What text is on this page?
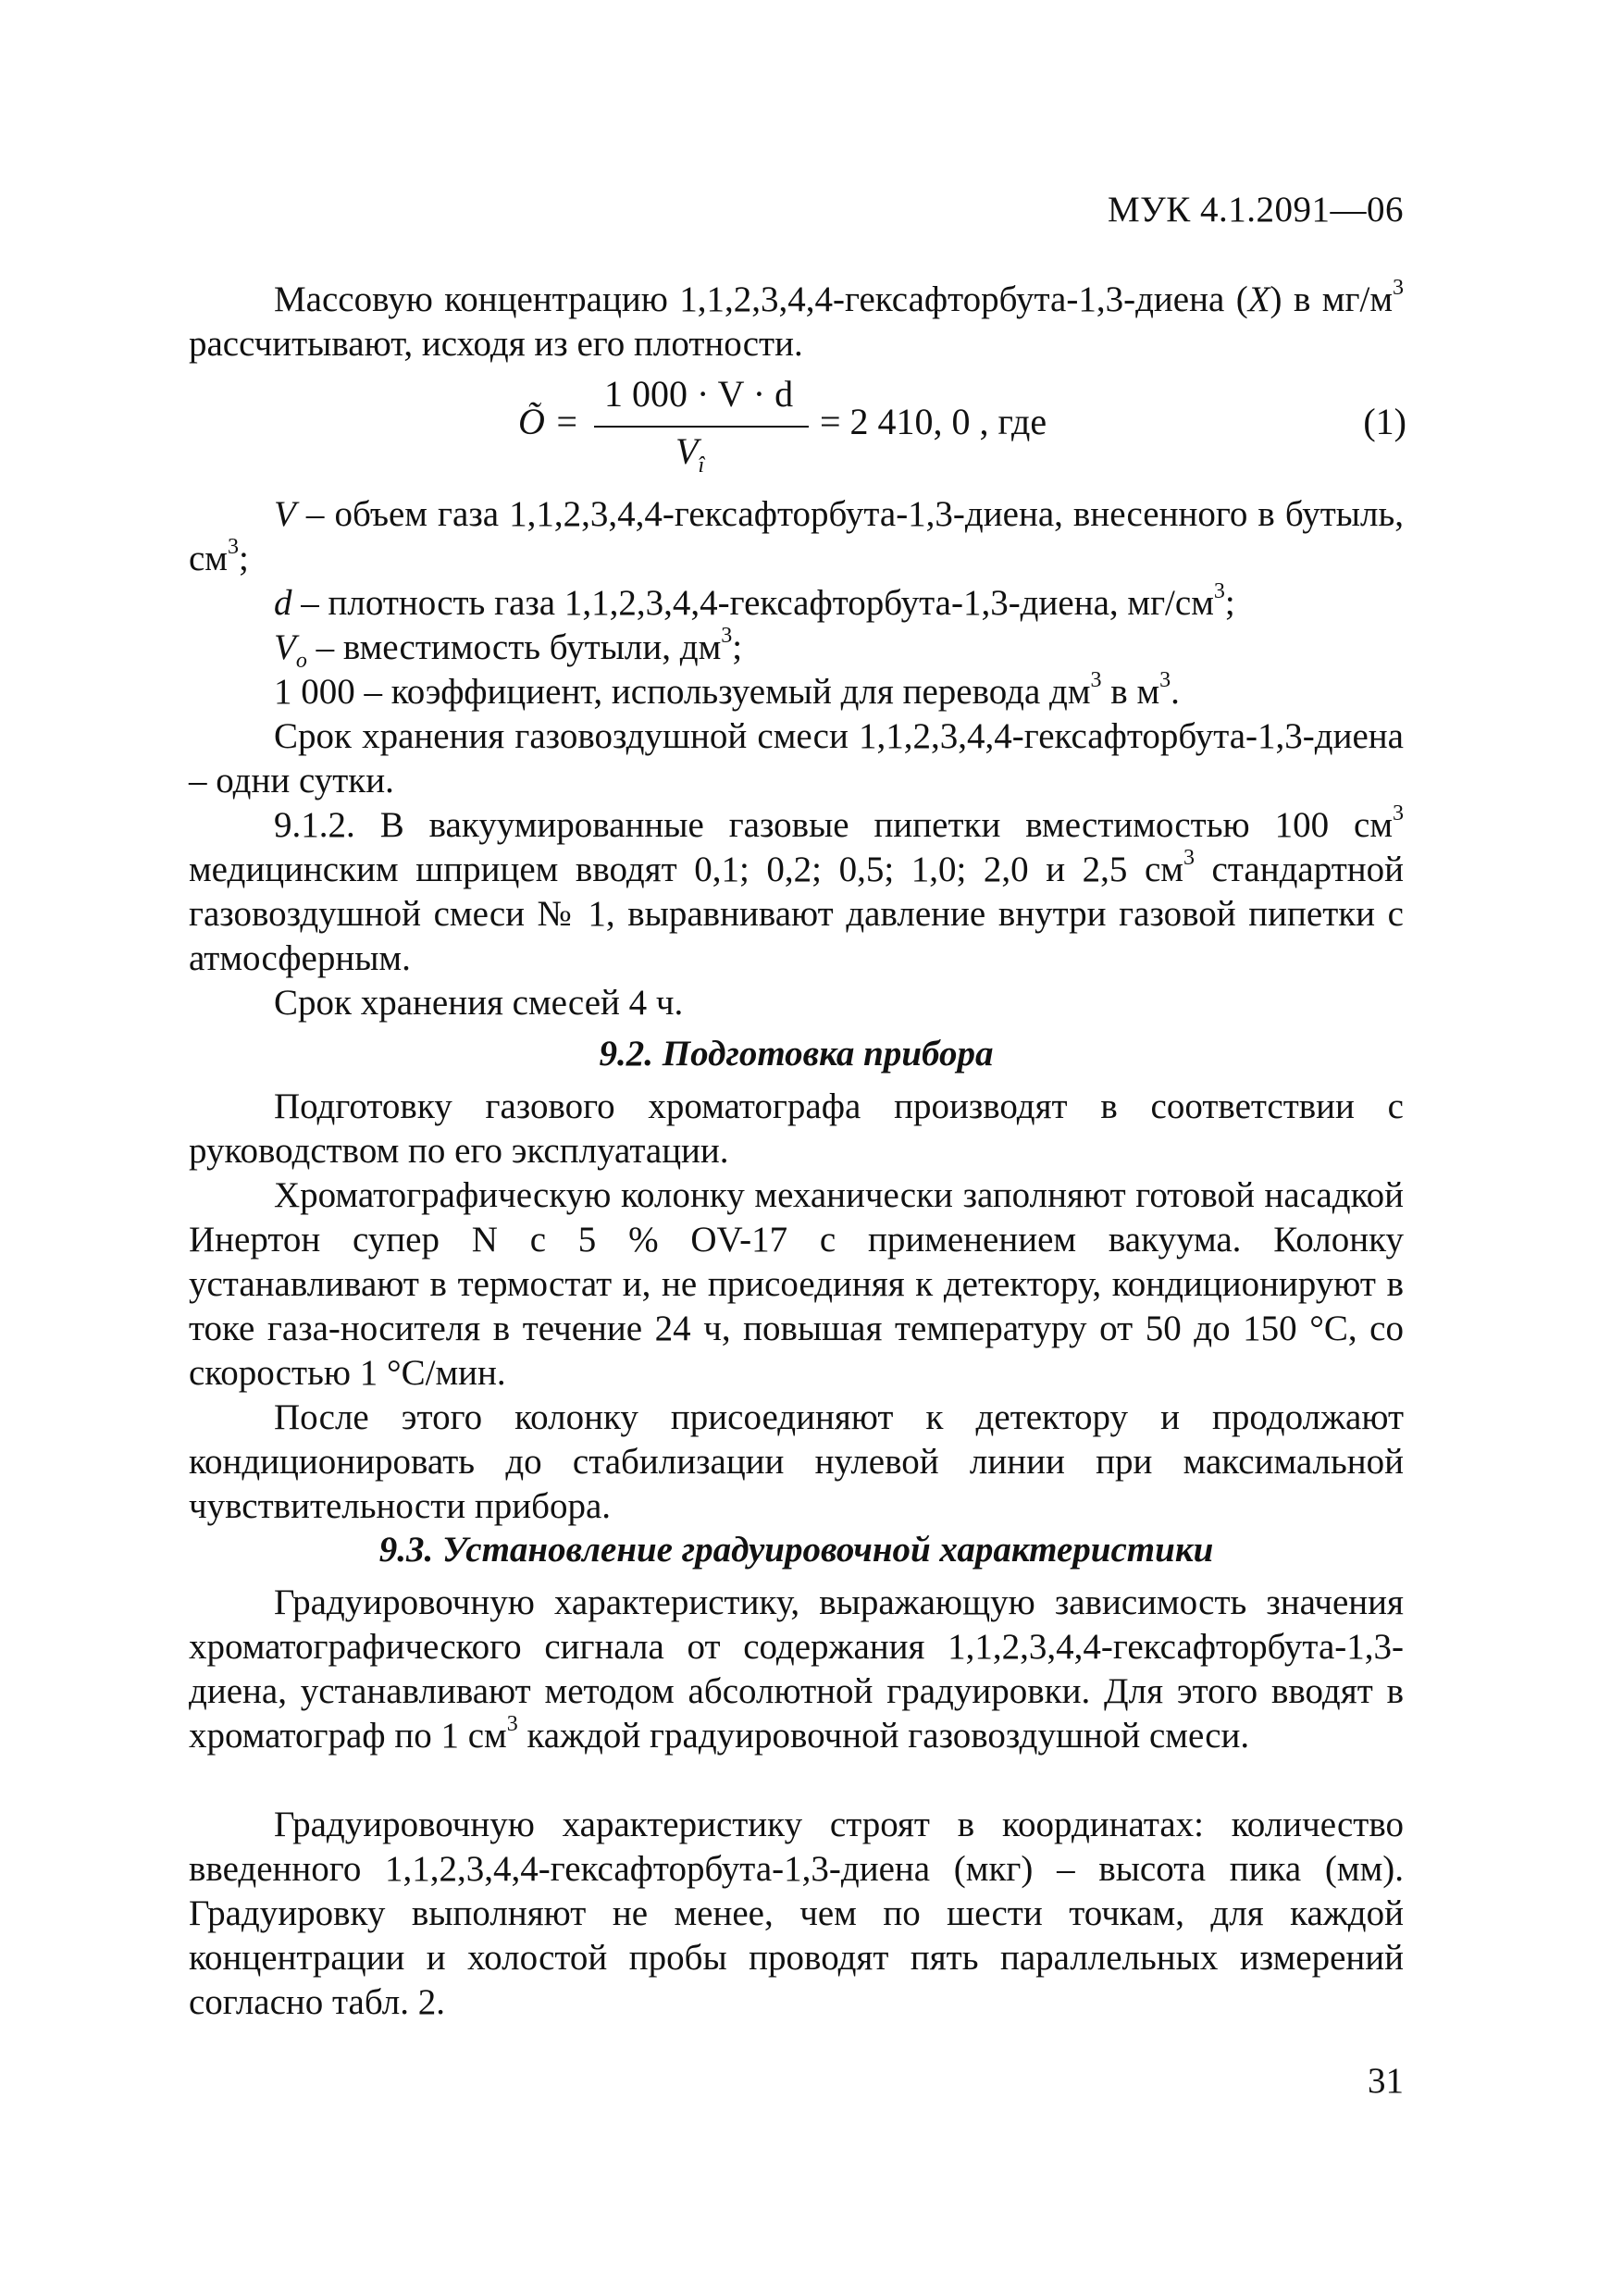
МУК 4.1.2091—06
Массовую концентрацию 1,1,2,3,4,4-гексафторбута-1,3-диена (X) в $мг/м^3$ рассчитывают, исходя из его плотности.
Õ =
1 000 · V · d
$V_î$
= 2 410, 0 , где	(1)
V – объем газа 1,1,2,3,4,4-гексафторбута-1,3-диена, внесенного в бутыль, $см^3$;
d – плотность газа 1,1,2,3,4,4-гексафторбута-1,3-диена, $мг/см^3$;
$V_o$ – вместимость бутыли, $дм^3$;
1 000 – коэффициент, используемый для перевода $дм^3$ в $м^3$.
Срок хранения газовоздушной смеси 1,1,2,3,4,4-гексафторбута-1,3-диена – одни сутки.
9.1.2. В вакуумированные газовые пипетки вместимостью 100 $см^3$ медицинским шприцем вводят 0,1; 0,2; 0,5; 1,0; 2,0 и 2,5 $см^3$ стандартной газовоздушной смеси № 1, выравнивают давление внутри газовой пипетки с атмосферным.
Срок хранения смесей 4 ч.
9.2. Подготовка прибора
Подготовку газового хроматографа производят в соответствии с руководством по его эксплуатации.
Хроматографическую колонку механически заполняют готовой насадкой Инертон супер N с 5 % OV-17 с применением вакуума. Колонку устанавливают в термостат и, не присоединяя к детектору, кондиционируют в токе газа-носителя в течение 24 ч, повышая температуру от 50 до 150 °С, со скоростью 1 °С/мин.
После этого колонку присоединяют к детектору и продолжают кондиционировать до стабилизации нулевой линии при максимальной чувствительности прибора.
9.3. Установление градуировочной характеристики
Градуировочную характеристику, выражающую зависимость значения хроматографического сигнала от содержания 1,1,2,3,4,4-гексафторбута-1,3-диена, устанавливают методом абсолютной градуировки. Для этого вводят в хроматограф по 1 $см^3$ каждой градуировочной газовоздушной смеси.
Градуировочную характеристику строят в координатах: количество введенного 1,1,2,3,4,4-гексафторбута-1,3-диена (мкг) – высота пика (мм). Градуировку выполняют не менее, чем по шести точкам, для каждой концентрации и холостой пробы проводят пять параллельных измерений согласно табл. 2.
31
